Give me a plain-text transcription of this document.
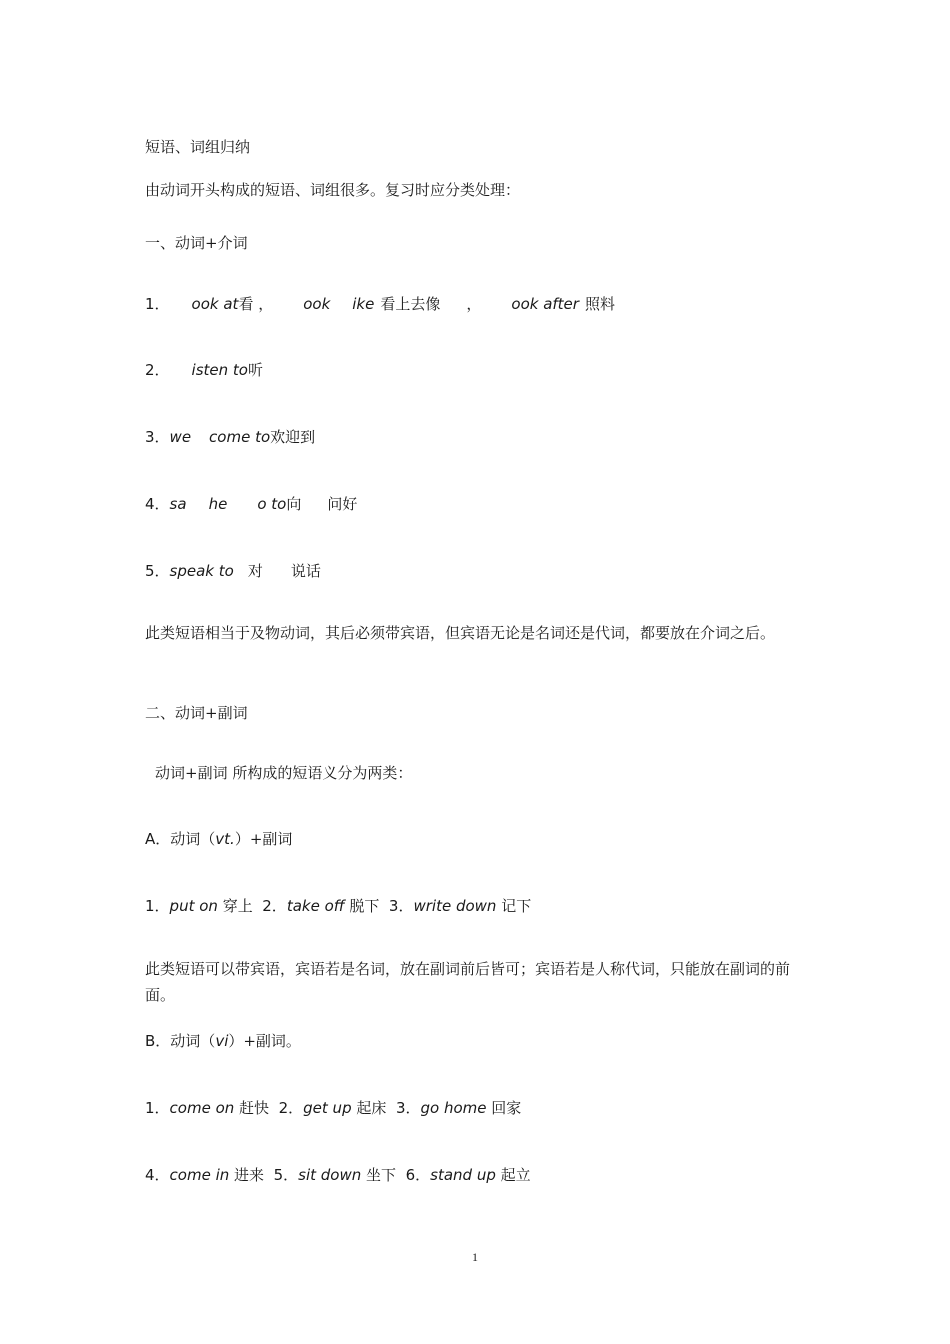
短语、词组归纳
由动词开头构成的短语、词组很多。复习时应分类处理：
一、动词+介词
1． ook at看 ， ook ike 看上去像 ， ook after 照料
2． isten to听
3．we come to欢迎到
4．sa he o to向 问好
5．speak to 对 说话
此类短语相当于及物动词，其后必须带宾语，但宾语无论是名词还是代词，都要放在介词之后。
二、动词+副词
动词+副词 所构成的短语义分为两类：
A．动词（vt.）+副词
1．put on 穿上 2．take off 脱下 3．write down 记下
此类短语可以带宾语，宾语若是名词，放在副词前后皆可；宾语若是人称代词，只能放在副词的前面。
B．动词（vi）+副词。
1．come on 赶快 2．get up 起床 3．go home 回家
4．come in 进来 5．sit down 坐下 6．stand up 起立
1
